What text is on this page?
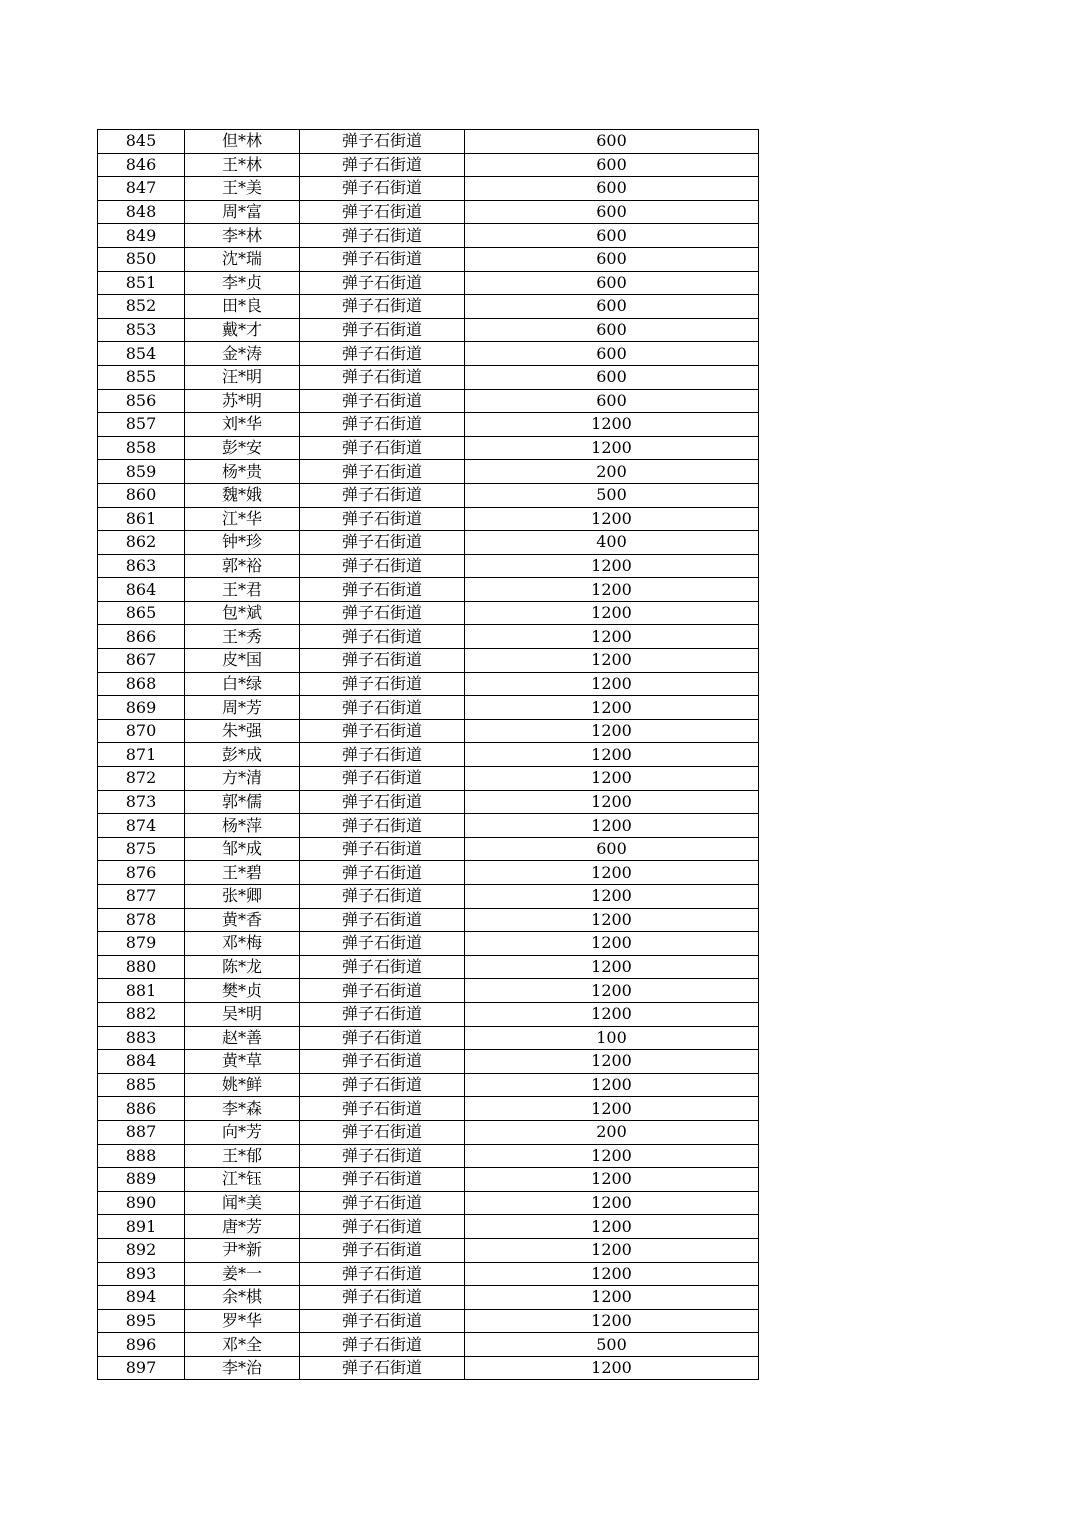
845	但*林	弹子石街道	600
846	王*林	弹子石街道	600
847	王*美	弹子石街道	600
848	周*富	弹子石街道	600
849	李*林	弹子石街道	600
850	沈*瑞	弹子石街道	600
851	李*贞	弹子石街道	600
852	田*良	弹子石街道	600
853	戴*才	弹子石街道	600
854	金*涛	弹子石街道	600
855	汪*明	弹子石街道	600
856	苏*明	弹子石街道	600
857	刘*华	弹子石街道	1200
858	彭*安	弹子石街道	1200
859	杨*贵	弹子石街道	200
860	魏*娥	弹子石街道	500
861	江*华	弹子石街道	1200
862	钟*珍	弹子石街道	400
863	郭*裕	弹子石街道	1200
864	王*君	弹子石街道	1200
865	包*斌	弹子石街道	1200
866	王*秀	弹子石街道	1200
867	皮*国	弹子石街道	1200
868	白*绿	弹子石街道	1200
869	周*芳	弹子石街道	1200
870	朱*强	弹子石街道	1200
871	彭*成	弹子石街道	1200
872	方*清	弹子石街道	1200
873	郭*儒	弹子石街道	1200
874	杨*萍	弹子石街道	1200
875	邹*成	弹子石街道	600
876	王*碧	弹子石街道	1200
877	张*卿	弹子石街道	1200
878	黄*香	弹子石街道	1200
879	邓*梅	弹子石街道	1200
880	陈*龙	弹子石街道	1200
881	樊*贞	弹子石街道	1200
882	吴*明	弹子石街道	1200
883	赵*善	弹子石街道	100
884	黄*草	弹子石街道	1200
885	姚*鲜	弹子石街道	1200
886	李*森	弹子石街道	1200
887	向*芳	弹子石街道	200
888	王*郁	弹子石街道	1200
889	江*钰	弹子石街道	1200
890	闻*美	弹子石街道	1200
891	唐*芳	弹子石街道	1200
892	尹*新	弹子石街道	1200
893	姜*一	弹子石街道	1200
894	余*棋	弹子石街道	1200
895	罗*华	弹子石街道	1200
896	邓*全	弹子石街道	500
897	李*治	弹子石街道	1200
